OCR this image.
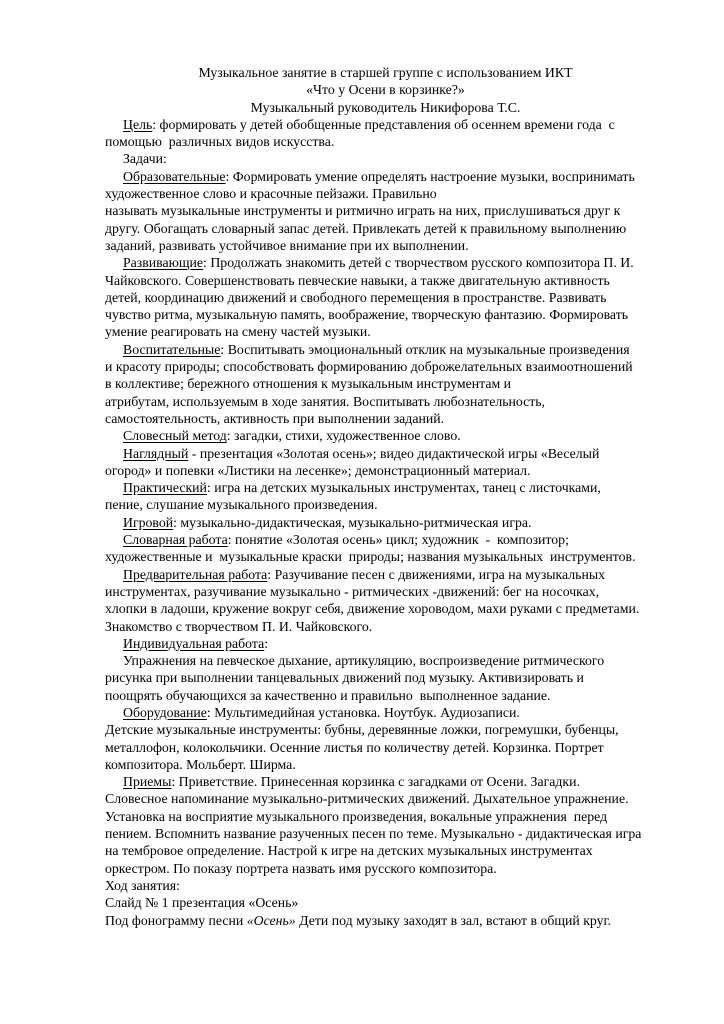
Музыкальное занятие в старшей группе с использованием ИКТ
«Что у Осени в корзинке?»
Музыкальный руководитель Никифорова Т.С.
Цель: формировать у детей обобщенные представления об осеннем времени года  с
помощью  различных видов искусства.
Задачи:
Образовательные: Формировать умение определять настроение музыки, воспринимать
художественное слово и красочные пейзажи. Правильно
называть музыкальные инструменты и ритмично играть на них, прислушиваться друг к
другу. Обогащать словарный запас детей. Привлекать детей к правильному выполнению
заданий, развивать устойчивое внимание при их выполнении.
Развивающие: Продолжать знакомить детей с творчеством русского композитора П. И.
Чайковского. Совершенствовать певческие навыки, а также двигательную активность
детей, координацию движений и свободного перемещения в пространстве. Развивать
чувство ритма, музыкальную память, воображение, творческую фантазию. Формировать
умение реагировать на смену частей музыки.
Воспитательные: Воспитывать эмоциональный отклик на музыкальные произведения
и красоту природы; способствовать формированию доброжелательных взаимоотношений
в коллективе; бережного отношения к музыкальным инструментам и
атрибутам, используемым в ходе занятия. Воспитывать любознательность,
самостоятельность, активность при выполнении заданий.
Словесный метод: загадки, стихи, художественное слово.
Наглядный - презентация «Золотая осень»; видео дидактической игры «Веселый
огород» и попевки «Листики на лесенке»; демонстрационный материал.
Практический: игра на детских музыкальных инструментах, танец с листочками,
пение, слушание музыкального произведения.
Игровой: музыкально-дидактическая, музыкально-ритмическая игра.
Словарная работа: понятие «Золотая осень» цикл; художник  -  композитор;
художественные и  музыкальные краски  природы; названия музыкальных  инструментов.
Предварительная работа: Разучивание песен с движениями, игра на музыкальных
инструментах, разучивание музыкально - ритмических -движений: бег на носочках,
хлопки в ладоши, кружение вокруг себя, движение хороводом, махи руками с предметами.
Знакомство с творчеством П. И. Чайковского.
Индивидуальная работа:
Упражнения на певческое дыхание, артикуляцию, воспроизведение ритмического
рисунка при выполнении танцевальных движений под музыку. Активизировать и
поощрять обучающихся за качественно и правильно  выполненное задание.
Оборудование: Мультимедийная установка. Ноутбук. Аудиозаписи.
Детские музыкальные инструменты: бубны, деревянные ложки, погремушки, бубенцы,
металлофон, колокольчики. Осенние листья по количеству детей. Корзинка. Портрет
композитора. Мольберт. Ширма.
Приемы: Приветствие. Принесенная корзинка с загадками от Осени. Загадки.
Словесное напоминание музыкально-ритмических движений. Дыхательное упражнение.
Установка на восприятие музыкального произведения, вокальные упражнения  перед
пением. Вспомнить название разученных песен по теме. Музыкально - дидактическая игра
на тембровое определение. Настрой к игре на детских музыкальных инструментах
оркестром. По показу портрета назвать имя русского композитора.
Ход занятия:
Слайд № 1 презентация «Осень»
Под фонограмму песни «Осень» Дети под музыку заходят в зал, встают в общий круг.
